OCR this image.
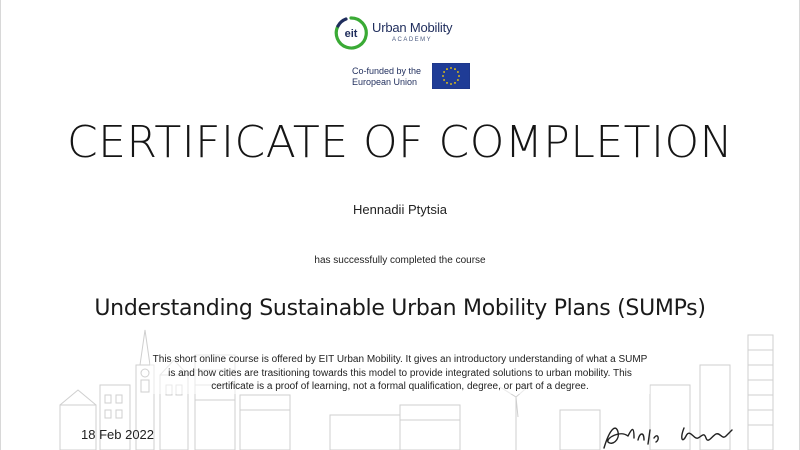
eit Urban Mobility
ACADEMY
Co-funded by the
European Union
CERTIFICATE OF COMPLETION
Hennadii Ptytsia
has successfully completed the course
Understanding Sustainable Urban Mobility Plans (SUMPs)
This short online course is offered by EIT Urban Mobility. It gives an introductory understanding of what a SUMP is and how cities are trasitioning towards this model to provide integrated solutions to urban mobility. This certificate is a proof of learning, not a formal qualification, degree, or part of a degree.
18 Feb 2022
